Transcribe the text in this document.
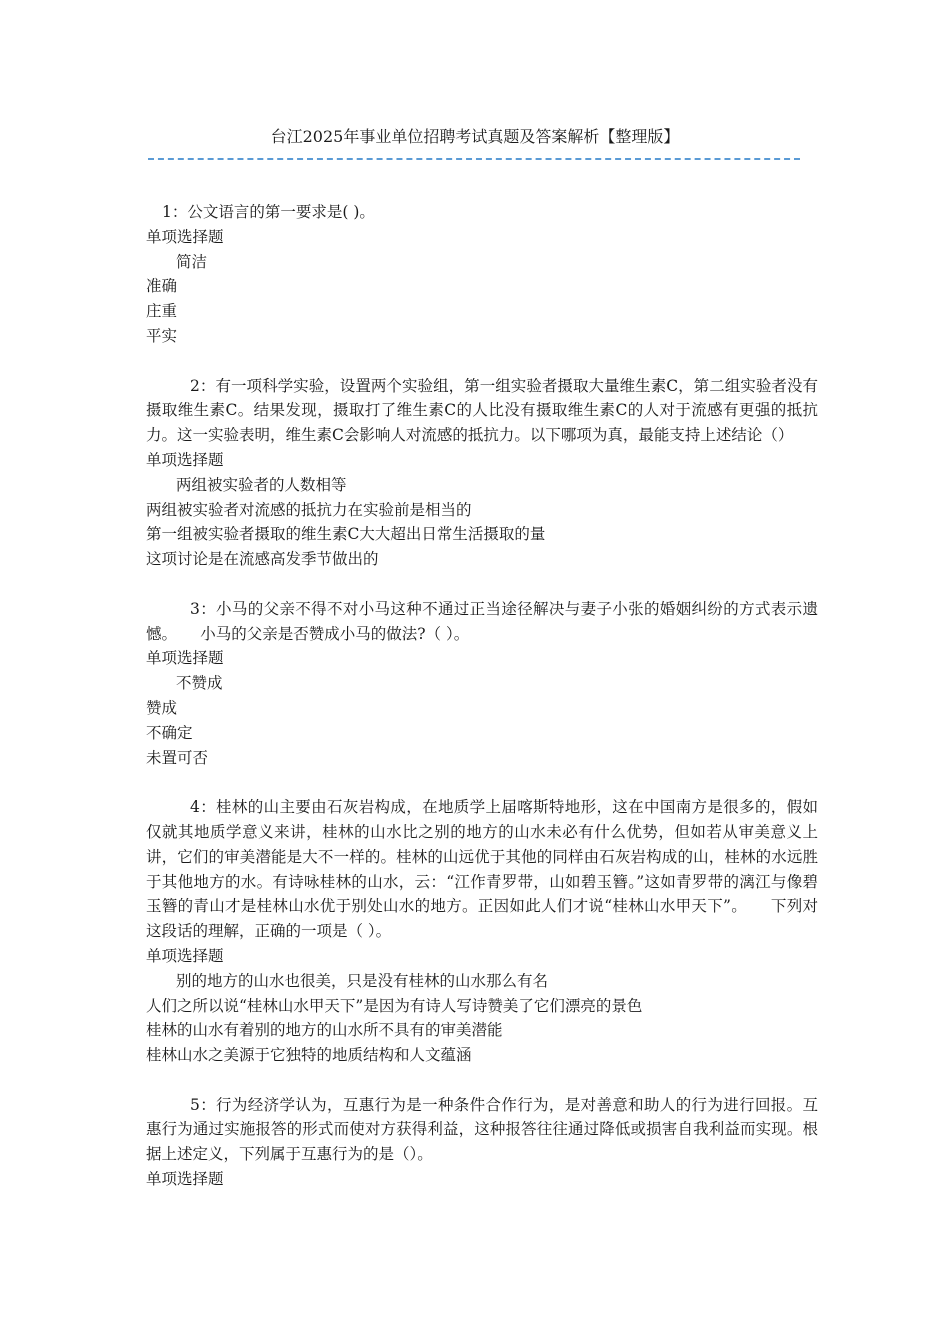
台江2025年事业单位招聘考试真题及答案解析【整理版】
1：公文语言的第一要求是( )。
单项选择题
简洁
准确
庄重
平实
2：有一项科学实验，设置两个实验组，第一组实验者摄取大量维生素C，第二组实验者没有摄取维生素C。结果发现，摄取打了维生素C的人比没有摄取维生素C的人对于流感有更强的抵抗力。这一实验表明，维生素C会影响人对流感的抵抗力。以下哪项为真，最能支持上述结论（）
单项选择题
两组被实验者的人数相等
两组被实验者对流感的抵抗力在实验前是相当的
第一组被实验者摄取的维生素C大大超出日常生活摄取的量
这项讨论是在流感高发季节做出的
3：小马的父亲不得不对小马这种不通过正当途径解决与妻子小张的婚姻纠纷的方式表示遗憾。　　小马的父亲是否赞成小马的做法?（ ）。
单项选择题
不赞成
赞成
不确定
未置可否
4：桂林的山主要由石灰岩构成，在地质学上届喀斯特地形，这在中国南方是很多的，假如仅就其地质学意义来讲，桂林的山水比之别的地方的山水未必有什么优势，但如若从审美意义上讲，它们的审美潜能是大不一样的。桂林的山远优于其他的同样由石灰岩构成的山，桂林的水远胜于其他地方的水。有诗咏桂林的山水，云：“江作青罗带，山如碧玉簪。”这如青罗带的漓江与像碧玉簪的青山才是桂林山水优于别处山水的地方。正因如此人们才说“桂林山水甲天下”。　　下列对这段话的理解，正确的一项是（ ）。
单项选择题
别的地方的山水也很美，只是没有桂林的山水那么有名
人们之所以说“桂林山水甲天下”是因为有诗人写诗赞美了它们漂亮的景色
桂林的山水有着别的地方的山水所不具有的审美潜能
桂林山水之美源于它独特的地质结构和人文蕴涵
5：行为经济学认为，互惠行为是一种条件合作行为，是对善意和助人的行为进行回报。互惠行为通过实施报答的形式而使对方获得利益，这种报答往往通过降低或损害自我利益而实现。根据上述定义，下列属于互惠行为的是（）。
单项选择题
